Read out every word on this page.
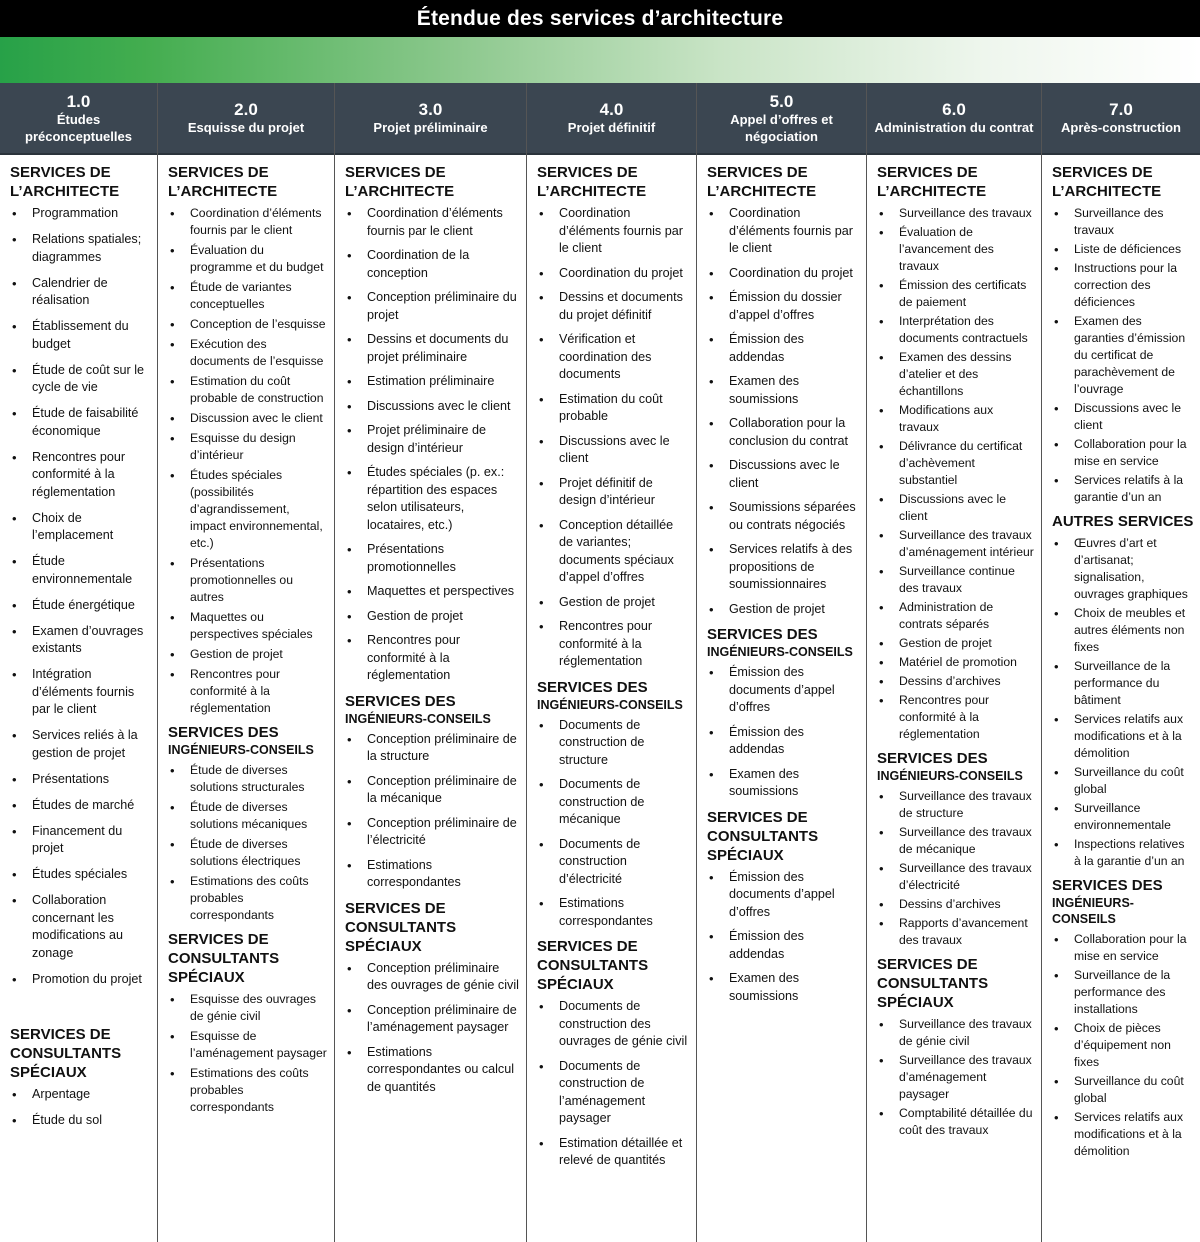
Étendue des services d’architecture
1.0
Études préconceptuelles
SERVICES DE L’ARCHITECTE
• Programmation
• Relations spatiales; diagrammes
• Calendrier de réalisation
• Établissement du budget
• Étude de coût sur le cycle de vie
• Étude de faisabilité économique
• Rencontres pour conformité à la réglementation
• Choix de l’emplacement
• Étude environnementale
• Étude énergétique
• Examen d’ouvrages existants
• Intégration d’éléments fournis par le client
• Services reliés à la gestion de projet
• Présentations
• Études de marché
• Financement du projet
• Études spéciales
• Collaboration concernant les modifications au zonage
• Promotion du projet
SERVICES DE CONSULTANTS SPÉCIAUX
• Arpentage
• Étude du sol
2.0
Esquisse du projet
SERVICES DE L’ARCHITECTE
• Coordination d’éléments fournis par le client
• Évaluation du programme et du budget
• Étude de variantes conceptuelles
• Conception de l’esquisse
• Exécution des documents de l’esquisse
• Estimation du coût probable de construction
• Discussion avec le client
• Esquisse du design d’intérieur
• Études spéciales (possibilités d’agrandissement, impact environnemental, etc.)
• Présentations promotionnelles ou autres
• Maquettes ou perspectives spéciales
• Gestion de projet
• Rencontres pour conformité à la réglementation
SERVICES DES
INGÉNIEURS-CONSEILS
• Étude de diverses solutions structurales
• Étude de diverses solutions mécaniques
• Étude de diverses solutions électriques
• Estimations des coûts probables correspondants
SERVICES DE CONSULTANTS SPÉCIAUX
• Esquisse des ouvrages de génie civil
• Esquisse de l’aménagement paysager
• Estimations des coûts probables correspondants
3.0
Projet préliminaire
SERVICES DE L’ARCHITECTE
• Coordination d’éléments fournis par le client
• Coordination de la conception
• Conception préliminaire du projet
• Dessins et documents du projet préliminaire
• Estimation préliminaire
• Discussions avec le client
• Projet préliminaire de design d’intérieur
• Études spéciales (p. ex.: répartition des espaces selon utilisateurs, locataires, etc.)
• Présentations promotionnelles
• Maquettes et perspectives
• Gestion de projet
• Rencontres pour conformité à la réglementation
SERVICES DES
INGÉNIEURS-CONSEILS
• Conception préliminaire de la structure
• Conception préliminaire de la mécanique
• Conception préliminaire de l’électricité
• Estimations correspondantes
SERVICES DE CONSULTANTS SPÉCIAUX
• Conception préliminaire des ouvrages de génie civil
• Conception préliminaire de l’aménagement paysager
• Estimations correspondantes ou calcul de quantités
4.0
Projet définitif
SERVICES DE L’ARCHITECTE
• Coordination d’éléments fournis par le client
• Coordination du projet
• Dessins et documents du projet définitif
• Vérification et coordination des documents
• Estimation du coût probable
• Discussions avec le client
• Projet définitif de design d’intérieur
• Conception détaillée de variantes; documents spéciaux d’appel d’offres
• Gestion de projet
• Rencontres pour conformité à la réglementation
SERVICES DES
INGÉNIEURS-CONSEILS
• Documents de construction de structure
• Documents de construction de mécanique
• Documents de construction d’électricité
• Estimations correspondantes
SERVICES DE CONSULTANTS SPÉCIAUX
• Documents de construction des ouvrages de génie civil
• Documents de construction de l’aménagement paysager
• Estimation détaillée et relevé de quantités
5.0
Appel d’offres et négociation
SERVICES DE L’ARCHITECTE
• Coordination d’éléments fournis par le client
• Coordination du projet
• Émission du dossier d’appel d’offres
• Émission des addendas
• Examen des soumissions
• Collaboration pour la conclusion du contrat
• Discussions avec le client
• Soumissions séparées ou contrats négociés
• Services relatifs à des propositions de soumissionnaires
• Gestion de projet
SERVICES DES
INGÉNIEURS-CONSEILS
• Émission des documents d’appel d’offres
• Émission des addendas
• Examen des soumissions
SERVICES DE CONSULTANTS SPÉCIAUX
• Émission des documents d’appel d’offres
• Émission des addendas
• Examen des soumissions
6.0
Administration du contrat
SERVICES DE L’ARCHITECTE
• Surveillance des travaux
• Évaluation de l’avancement des travaux
• Émission des certificats de paiement
• Interprétation des documents contractuels
• Examen des dessins d’atelier et des échantillons
• Modifications aux travaux
• Délivrance du certificat d’achèvement substantiel
• Discussions avec le client
• Surveillance des travaux d’aménagement intérieur
• Surveillance continue des travaux
• Administration de contrats séparés
• Gestion de projet
• Matériel de promotion
• Dessins d’archives
• Rencontres pour conformité à la réglementation
SERVICES DES
INGÉNIEURS-CONSEILS
• Surveillance des travaux de structure
• Surveillance des travaux de mécanique
• Surveillance des travaux d’électricité
• Dessins d’archives
• Rapports d’avancement des travaux
SERVICES DE CONSULTANTS SPÉCIAUX
• Surveillance des travaux de génie civil
• Surveillance des travaux d’aménagement paysager
• Comptabilité détaillée du coût des travaux
7.0
Après-construction
SERVICES DE L’ARCHITECTE
• Surveillance des travaux
• Liste de déficiences
• Instructions pour la correction des déficiences
• Examen des garanties d’émission du certificat de parachèvement de l’ouvrage
• Discussions avec le client
• Collaboration pour la mise en service
• Services relatifs à la garantie d’un an
AUTRES SERVICES
• Œuvres d’art et d’artisanat; signalisation, ouvrages graphiques
• Choix de meubles et autres éléments non fixes
• Surveillance de la performance du bâtiment
• Services relatifs aux modifications et à la démolition
• Surveillance du coût global
• Surveillance environnementale
• Inspections relatives à la garantie d’un an
SERVICES DES
INGÉNIEURS-CONSEILS
• Collaboration pour la mise en service
• Surveillance de la performance des installations
• Choix de pièces d’équipement non fixes
• Surveillance du coût global
• Services relatifs aux modifications et à la démolition
